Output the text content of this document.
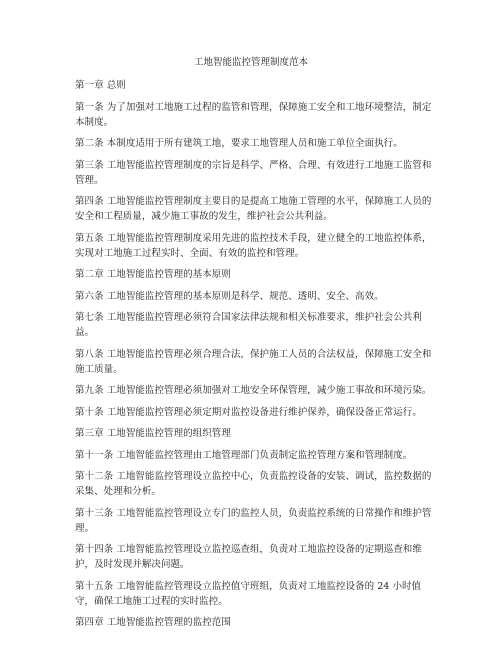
工地智能监控管理制度范本

第一章 总则

第一条 为了加强对工地施工过程的监管和管理，保障施工安全和工地环境整洁，制定本制度。

第二条 本制度适用于所有建筑工地，要求工地管理人员和施工单位全面执行。

第三条 工地智能监控管理制度的宗旨是科学、严格、合理、有效进行工地施工监管和管理。

第四条 工地智能监控管理制度主要目的是提高工地施工管理的水平，保障施工人员的安全和工程质量，减少施工事故的发生，维护社会公共利益。

第五条 工地智能监控管理制度采用先进的监控技术手段，建立健全的工地监控体系，实现对工地施工过程实时、全面、有效的监控和管理。

第二章 工地智能监控管理的基本原则

第六条 工地智能监控管理的基本原则是科学、规范、透明、安全、高效。

第七条 工地智能监控管理必须符合国家法律法规和相关标准要求，维护社会公共利益。

第八条 工地智能监控管理必须合理合法，保护施工人员的合法权益，保障施工安全和施工质量。

第九条 工地智能监控管理必须加强对工地安全环保管理，减少施工事故和环境污染。

第十条 工地智能监控管理必须定期对监控设备进行维护保养，确保设备正常运行。

第三章 工地智能监控管理的组织管理

第十一条 工地智能监控管理由工地管理部门负责制定监控管理方案和管理制度。

第十二条 工地智能监控管理设立监控中心，负责监控设备的安装、调试，监控数据的采集、处理和分析。

第十三条 工地智能监控管理设立专门的监控人员，负责监控系统的日常操作和维护管理。

第十四条 工地智能监控管理设立监控巡查组，负责对工地监控设备的定期巡查和维护，及时发现并解决问题。

第十五条 工地智能监控管理设立监控值守班组，负责对工地监控设备的 24 小时值守，确保工地施工过程的实时监控。

第四章 工地智能监控管理的监控范围
